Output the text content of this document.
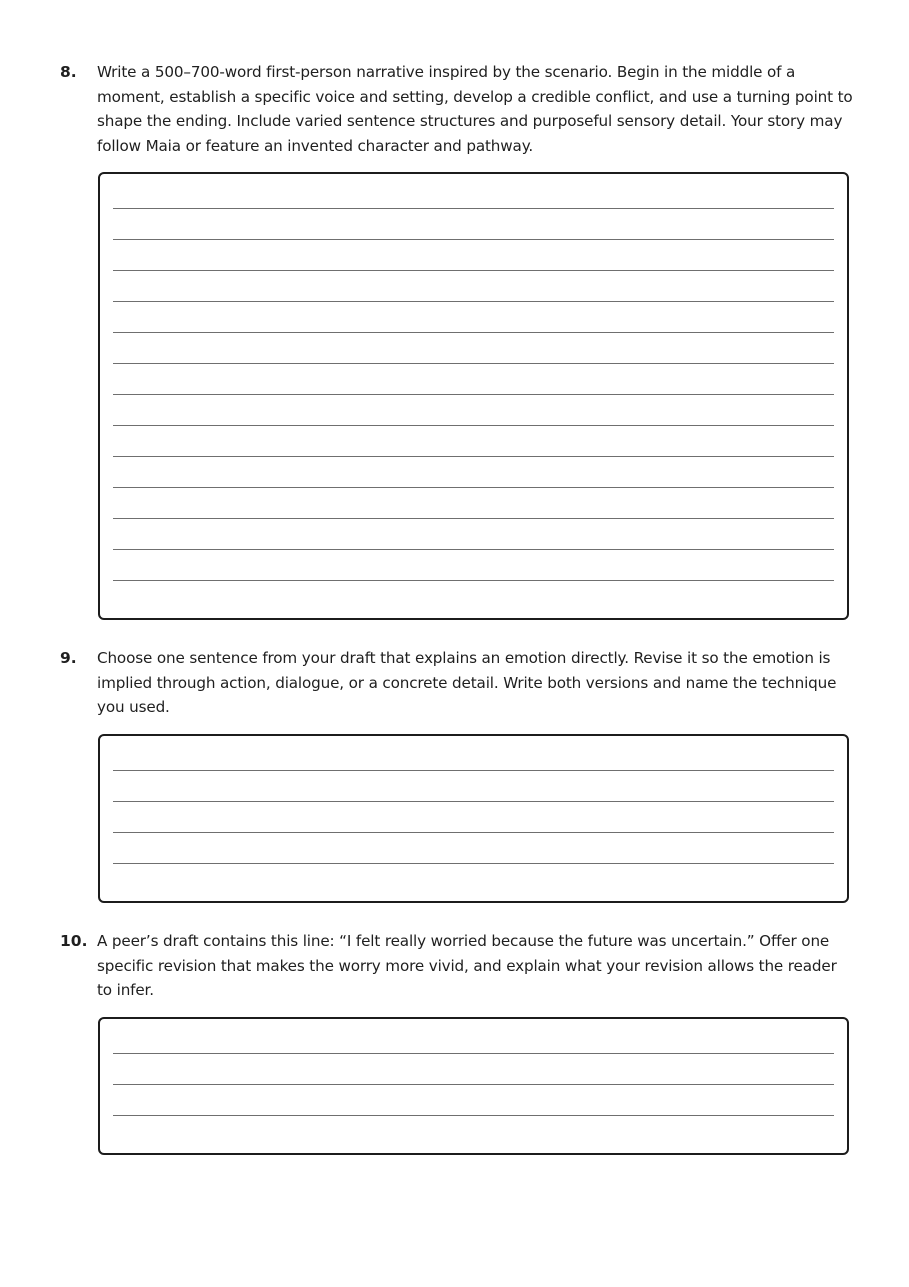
8. Write a 500–700-word first-person narrative inspired by the scenario. Begin in the middle of a moment, establish a specific voice and setting, develop a credible conflict, and use a turning point to shape the ending. Include varied sentence structures and purposeful sensory detail. Your story may follow Maia or feature an invented character and pathway.
9. Choose one sentence from your draft that explains an emotion directly. Revise it so the emotion is implied through action, dialogue, or a concrete detail. Write both versions and name the technique you used.
10. A peer’s draft contains this line: “I felt really worried because the future was uncertain.” Offer one specific revision that makes the worry more vivid, and explain what your revision allows the reader to infer.
